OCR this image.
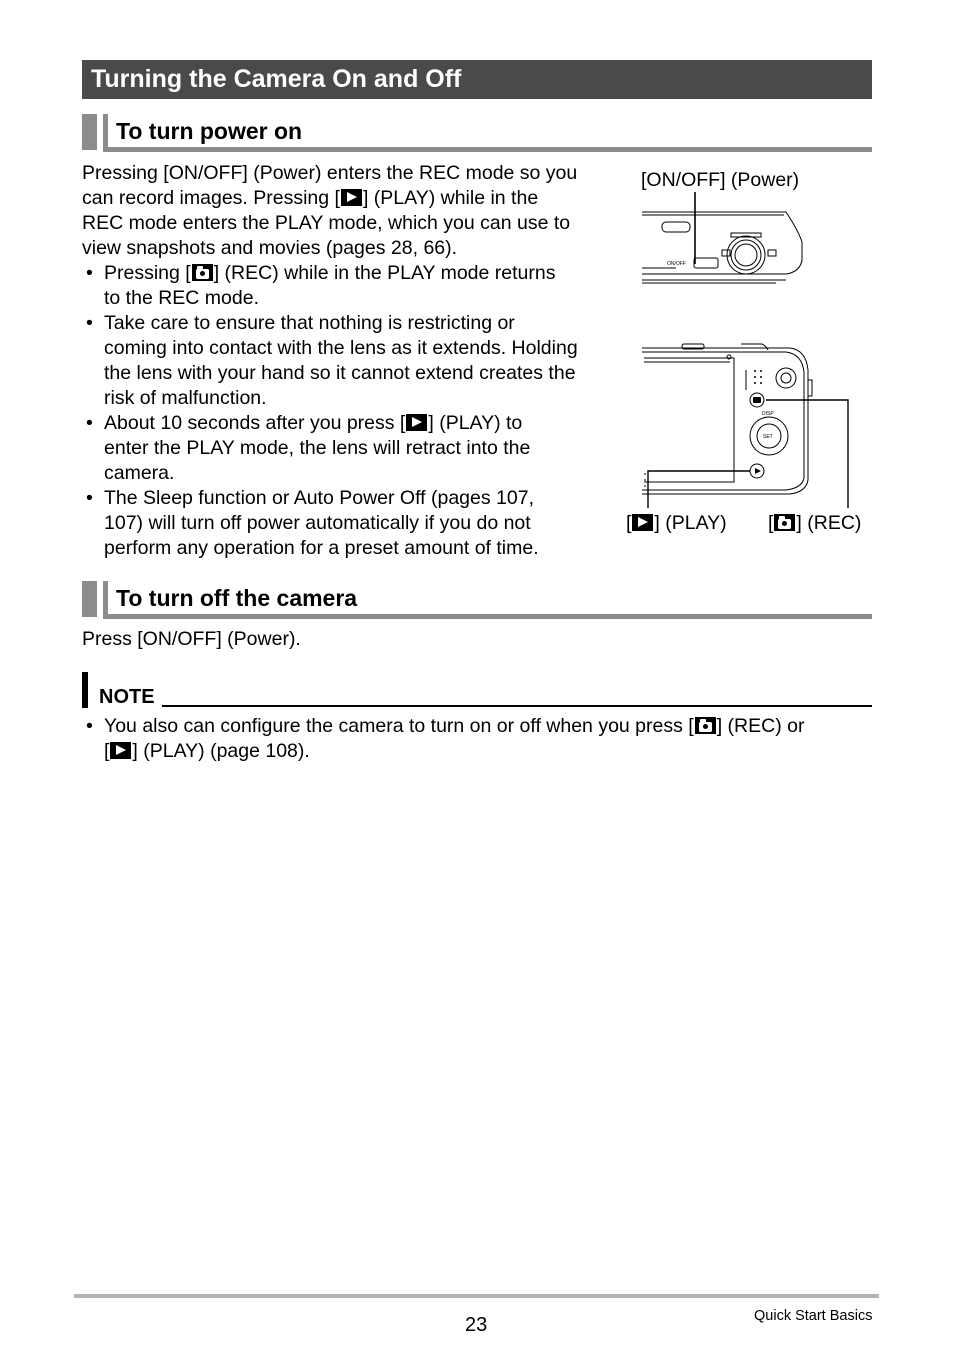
Turning the Camera On and Off
To turn power on
Pressing [ON/OFF] (Power) enters the REC mode so you
can record images. Pressing [ ] (PLAY) while in the
REC mode enters the PLAY mode, which you can use to
view snapshots and movies (pages 28, 66).
• Pressing [ ] (REC) while in the PLAY mode returns
to the REC mode.
• Take care to ensure that nothing is restricting or
coming into contact with the lens as it extends. Holding
the lens with your hand so it cannot extend creates the
risk of malfunction.
• About 10 seconds after you press [ ] (PLAY) to
enter the PLAY mode, the lens will retract into the
camera.
• The Sleep function or Auto Power Off (pages 107,
107) will turn off power automatically if you do not
perform any operation for a preset amount of time.
[ON/OFF] (Power)
[ ] (PLAY) [ ] (REC)
ON/OFF
DISP
SET
To turn off the camera
Press [ON/OFF] (Power).
NOTE
• You also can configure the camera to turn on or off when you press [ ] (REC) or
[ ] (PLAY) (page 108).
23	Quick Start Basics
